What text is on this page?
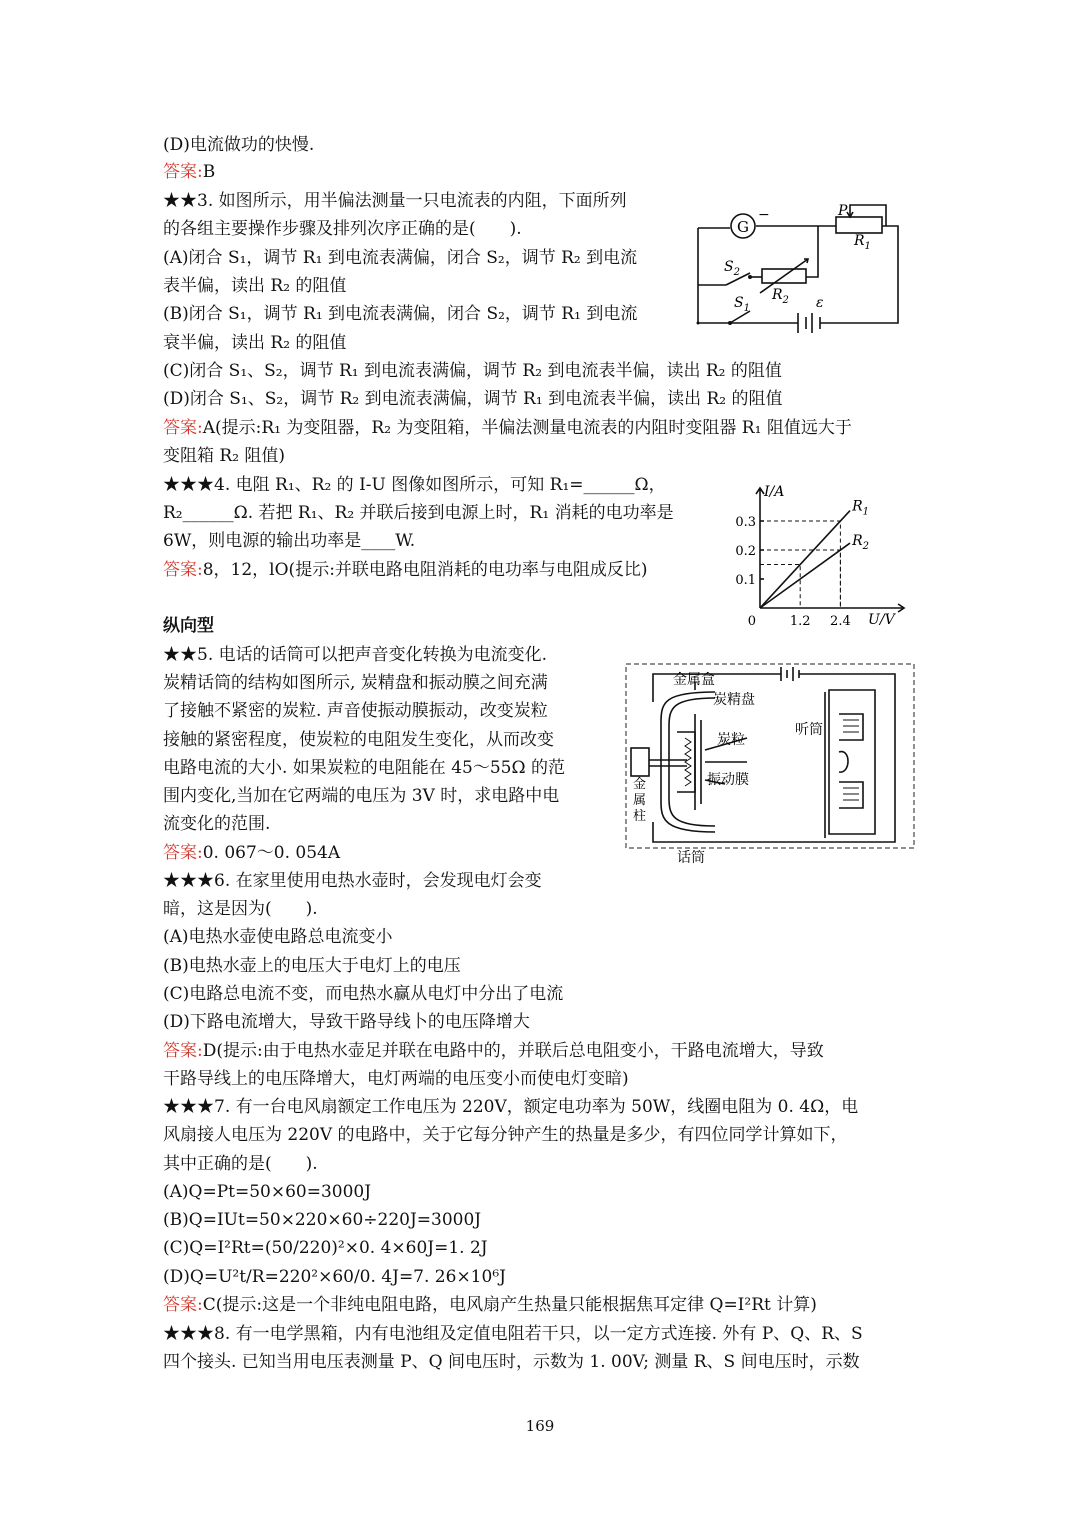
(D)电流做功的快慢.
答案:B
★★3. 如图所示，用半偏法测量一只电流表的内阻，下面所列
的各组主要操作步骤及排列次序正确的是(　　).
(A)闭合 S₁，调节 R₁ 到电流表满偏，闭合 S₂，调节 R₂ 到电流
表半偏，读出 R₂ 的阻值
(B)闭合 S₁，调节 R₁ 到电流表满偏，闭合 S₂，调节 R₁ 到电流
衰半偏，读出 R₂ 的阻值
(C)闭合 S₁、S₂，调节 R₁ 到电流表满偏，调节 R₂ 到电流表半偏，读出 R₂ 的阻值
(D)闭合 S₁、S₂，调节 R₂ 到电流表满偏，调节 R₁ 到电流表半偏，读出 R₂ 的阻值
答案:A(提示:R₁ 为变阻器，R₂ 为变阻箱，半偏法测量电流表的内阻时变阻器 R₁ 阻值远大于
变阻箱 R₂ 阻值)
★★★4. 电阻 R₁、R₂ 的 I-U 图像如图所示，可知 R₁=______Ω，
R₂______Ω. 若把 R₁、R₂ 并联后接到电源上时，R₁ 消耗的电功率是
6W，则电源的输出功率是____W.
答案:8，12，lO(提示:并联电路电阻消耗的电功率与电阻成反比)
纵向型
★★5. 电话的话筒可以把声音变化转换为电流变化.
炭精话筒的结构如图所示, 炭精盘和振动膜之间充满
了接触不紧密的炭粒. 声音使振动膜振动，改变炭粒
接触的紧密程度，使炭粒的电阻发生变化，从而改变
电路电流的大小. 如果炭粒的电阻能在 45～55Ω 的范
围内变化,当加在它两端的电压为 3V 时，求电路中电
流变化的范围.
答案:0. 067～0. 054A
★★★6. 在家里使用电热水壶时，会发现电灯会变
暗，这是因为(　　).
(A)电热水壶使电路总电流变小
(B)电热水壶上的电压大于电灯上的电压
(C)电路总电流不变，而电热水赢从电灯中分出了电流
(D)下路电流增大，导致干路导线卜的电压降增大
答案:D(提示:由于电热水壶足并联在电路中的，并联后总电阻变小，干路电流增大，导致
干路导线上的电压降增大，电灯两端的电压变小而使电灯变暗)
★★★7. 有一台电风扇额定工作电压为 220V，额定电功率为 50W，线圈电阻为 0. 4Ω，电
风扇接人电压为 220V 的电路中，关于它每分钟产生的热量是多少，有四位同学计算如下，
其中正确的是(　　).
(A)Q=Pt=50×60=3000J
(B)Q=IUt=50×220×60÷220J=3000J
(C)Q=I²Rt=(50/220)²×0. 4×60J=1. 2J
(D)Q=U²t/R=220²×60/0. 4J=7. 26×10⁶J
答案:C(提示:这是一个非纯电阻电路，电风扇产生热量只能根据焦耳定律 Q=I²Rt 计算)
★★★8. 有一电学黑箱，内有电池组及定值电阻若干只，以一定方式连接. 外有 P、Q、R、S
四个接头. 已知当用电压表测量 P、Q 间电压时，示数为 1. 00V; 测量 R、S 间电压时，示数
G
−	P
$R_1$
$S_2$
$R_2$
$S_1$	ε
I/A
U/V
0.3
0.2
0.1
0	1.2 2.4
$R_1$
$R_2$
金属盒
炭精盘
炭粒
振动膜
金
属
柱
听筒
话筒
169
